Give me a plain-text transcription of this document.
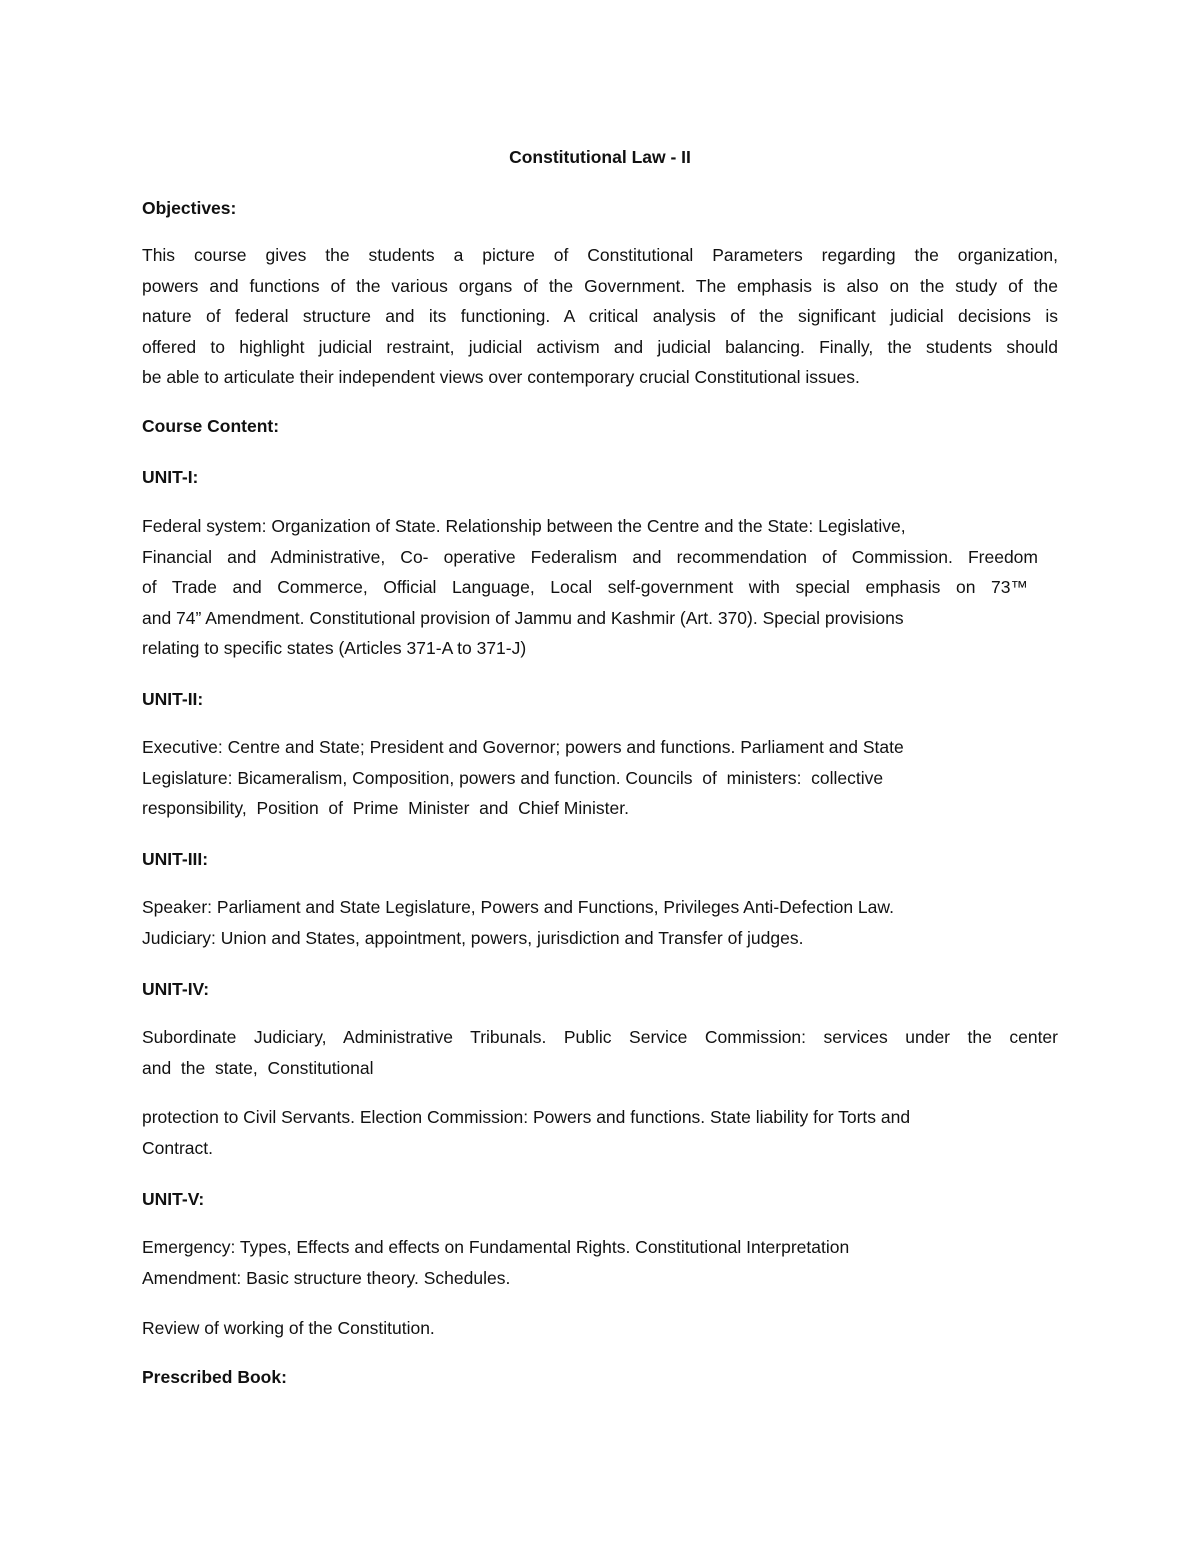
Constitutional Law - II
Objectives:
This course gives the students a picture of Constitutional Parameters regarding the organization,
powers and functions of the various organs of the Government. The emphasis is also on the study of the
nature of federal structure and its functioning. A critical analysis of the significant judicial decisions is
offered to highlight judicial restraint, judicial activism and judicial balancing. Finally, the students should
be able to articulate their independent views over contemporary crucial Constitutional issues.
Course Content:
UNIT-I:
Federal system: Organization of State. Relationship between the Centre and the State: Legislative,
Financial and Administrative, Co- operative Federalism and recommendation of Commission. Freedom
of Trade and Commerce, Official Language, Local self-government with special emphasis on 73™
and 74” Amendment. Constitutional provision of Jammu and Kashmir (Art. 370). Special provisions
relating to specific states (Articles 371-A to 371-J)
UNIT-II:
Executive: Centre and State; President and Governor; powers and functions. Parliament and State
Legislature: Bicameralism, Composition, powers and function. Councils  of  ministers:  collective
responsibility,  Position  of  Prime  Minister  and  Chief Minister.
UNIT-III:
Speaker: Parliament and State Legislature, Powers and Functions, Privileges Anti-Defection Law.
Judiciary: Union and States, appointment, powers, jurisdiction and Transfer of judges.
UNIT-IV:
Subordinate Judiciary, Administrative Tribunals. Public Service Commission: services under the center
and  the  state,  Constitutional
protection to Civil Servants. Election Commission: Powers and functions. State liability for Torts and
Contract.
UNIT-V:
Emergency: Types, Effects and effects on Fundamental Rights. Constitutional Interpretation
Amendment: Basic structure theory. Schedules.
Review of working of the Constitution.
Prescribed Book:
